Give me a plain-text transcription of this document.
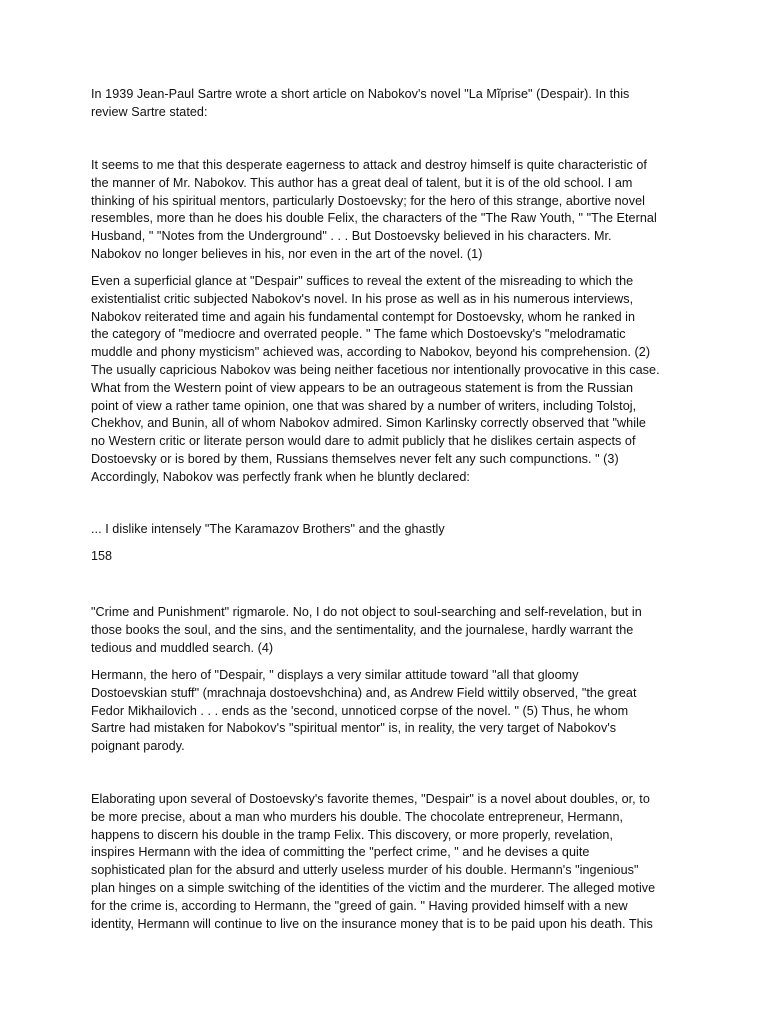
In 1939 Jean-Paul Sartre wrote a short article on Nabokov's novel "La Mĩprise" (Despair). In this
review Sartre stated:

It seems to me that this desperate eagerness to attack and destroy himself is quite characteristic of
the manner of Mr. Nabokov. This author has a great deal of talent, but it is of the old school. I am
thinking of his spiritual mentors, particularly Dostoevsky; for the hero of this strange, abortive novel
resembles, more than he does his double Felix, the characters of the "The Raw Youth, " "The Eternal
Husband, " "Notes from the Underground" . . . But Dostoevsky believed in his characters. Mr.
Nabokov no longer believes in his, nor even in the art of the novel. (1)

Even a superficial glance at "Despair" suffices to reveal the extent of the misreading to which the
existentialist critic subjected Nabokov's novel. In his prose as well as in his numerous interviews,
Nabokov reiterated time and again his fundamental contempt for Dostoevsky, whom he ranked in
the category of "mediocre and overrated people. " The fame which Dostoevsky's "melodramatic
muddle and phony mysticism" achieved was, according to Nabokov, beyond his comprehension. (2)
The usually capricious Nabokov was being neither facetious nor intentionally provocative in this case.
What from the Western point of view appears to be an outrageous statement is from the Russian
point of view a rather tame opinion, one that was shared by a number of writers, including Tolstoj,
Chekhov, and Bunin, all of whom Nabokov admired. Simon Karlinsky correctly observed that "while
no Western critic or literate person would dare to admit publicly that he dislikes certain aspects of
Dostoevsky or is bored by them, Russians themselves never felt any such compunctions. " (3)
Accordingly, Nabokov was perfectly frank when he bluntly declared:

... I dislike intensely "The Karamazov Brothers" and the ghastly

158

"Crime and Punishment" rigmarole. No, I do not object to soul-searching and self-revelation, but in
those books the soul, and the sins, and the sentimentality, and the journalese, hardly warrant the
tedious and muddled search. (4)

Hermann, the hero of "Despair, " displays a very similar attitude toward "all that gloomy
Dostoevskian stuff" (mrachnaja dostoevshchina) and, as Andrew Field wittily observed, "the great
Fedor Mikhailovich . . . ends as the 'second, unnoticed corpse of the novel. " (5) Thus, he whom
Sartre had mistaken for Nabokov's "spiritual mentor" is, in reality, the very target of Nabokov's
poignant parody.

Elaborating upon several of Dostoevsky's favorite themes, "Despair" is a novel about doubles, or, to
be more precise, about a man who murders his double. The chocolate entrepreneur, Hermann,
happens to discern his double in the tramp Felix. This discovery, or more properly, revelation,
inspires Hermann with the idea of committing the "perfect crime, " and he devises a quite
sophisticated plan for the absurd and utterly useless murder of his double. Hermann's "ingenious"
plan hinges on a simple switching of the identities of the victim and the murderer. The alleged motive
for the crime is, according to Hermann, the "greed of gain. " Having provided himself with a new
identity, Hermann will continue to live on the insurance money that is to be paid upon his death. This
